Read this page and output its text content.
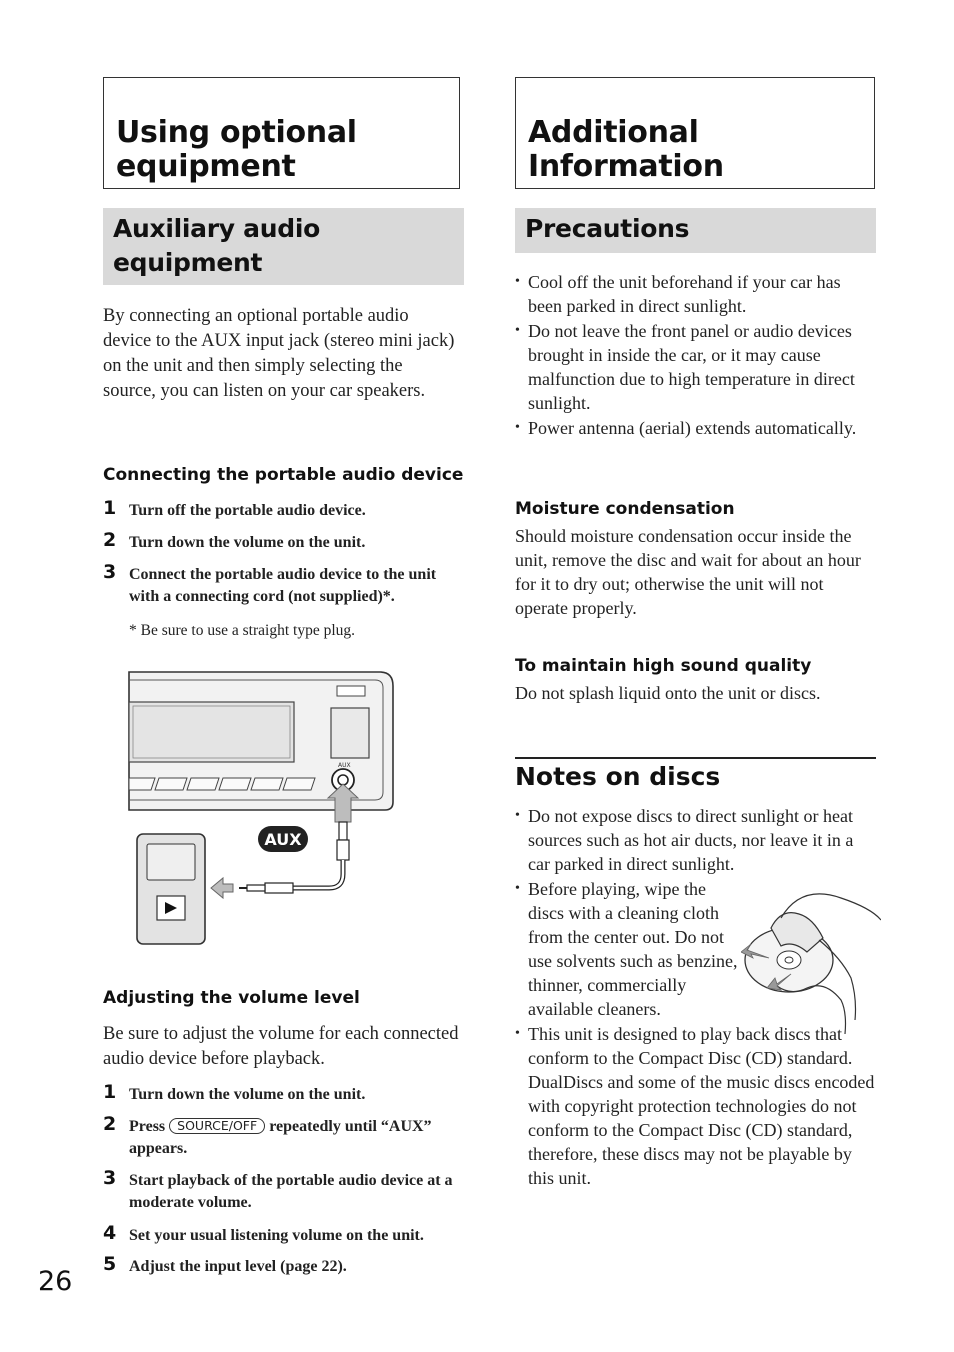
Using optional equipment
Auxiliary audio equipment

By connecting an optional portable audio device to the AUX input jack (stereo mini jack) on the unit and then simply selecting the source, you can listen on your car speakers.

Connecting the portable audio device
1 Turn off the portable audio device.
2 Turn down the volume on the unit.
3 Connect the portable audio device to the unit with a connecting cord (not supplied)*.
* Be sure to use a straight type plug.
AUX
AUX
Adjusting the volume level

Be sure to adjust the volume for each connected audio device before playback.

1 Turn down the volume on the unit.
2 Press SOURCE/OFF repeatedly until “AUX” appears.
3 Start playback of the portable audio device at a moderate volume.
4 Set your usual listening volume on the unit.
5 Adjust the input level (page 22).
Additional Information
Precautions
• Cool off the unit beforehand if your car has been parked in direct sunlight.
• Do not leave the front panel or audio devices brought in inside the car, or it may cause malfunction due to high temperature in direct sunlight.
• Power antenna (aerial) extends automatically.
Moisture condensation

Should moisture condensation occur inside the unit, remove the disc and wait for about an hour for it to dry out; otherwise the unit will not operate properly.

To maintain high sound quality

Do not splash liquid onto the unit or discs.

Notes on discs
• Do not expose discs to direct sunlight or heat sources such as hot air ducts, nor leave it in a car parked in direct sunlight.
• Before playing, wipe the discs with a cleaning cloth from the center out. Do not use solvents such as benzine, thinner, commercially available cleaners.
• This unit is designed to play back discs that conform to the Compact Disc (CD) standard. DualDiscs and some of the music discs encoded with copyright protection technologies do not conform to the Compact Disc (CD) standard, therefore, these discs may not be playable by this unit.
26
